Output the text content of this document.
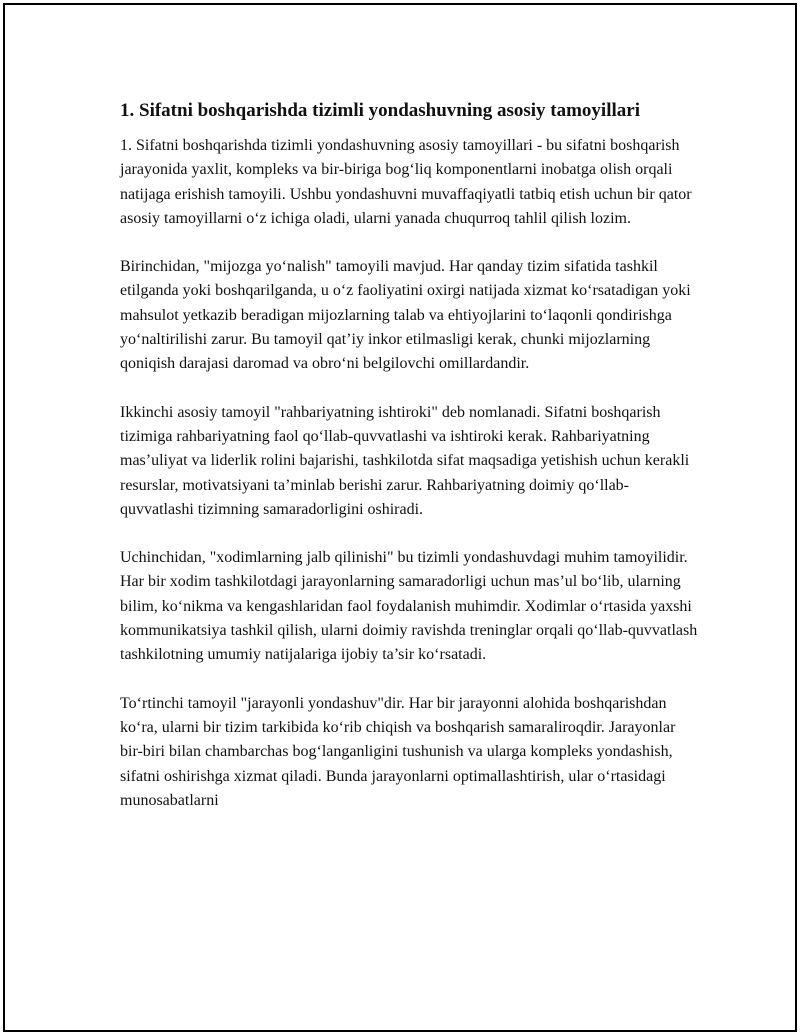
1. Sifatni boshqarishda tizimli yondashuvning asosiy tamoyillari

1. Sifatni boshqarishda tizimli yondashuvning asosiy tamoyillari - bu sifatni boshqarish jarayonida yaxlit, kompleks va bir-biriga bog‘liq komponentlarni inobatga olish orqali natijaga erishish tamoyili. Ushbu yondashuvni muvaffaqiyatli tatbiq etish uchun bir qator asosiy tamoyillarni o‘z ichiga oladi, ularni yanada chuqurroq tahlil qilish lozim.

Birinchidan, "mijozga yo‘nalish" tamoyili mavjud. Har qanday tizim sifatida tashkil etilganda yoki boshqarilganda, u o‘z faoliyatini oxirgi natijada xizmat ko‘rsatadigan yoki mahsulot yetkazib beradigan mijozlarning talab va ehtiyojlarini to‘laqonli qondirishga yo‘naltirilishi zarur. Bu tamoyil qat’iy inkor etilmasligi kerak, chunki mijozlarning qoniqish darajasi daromad va obro‘ni belgilovchi omillardandir.

Ikkinchi asosiy tamoyil "rahbariyatning ishtiroki" deb nomlanadi. Sifatni boshqarish tizimiga rahbariyatning faol qo‘llab-quvvatlashi va ishtiroki kerak. Rahbariyatning mas’uliyat va liderlik rolini bajarishi, tashkilotda sifat maqsadiga yetishish uchun kerakli resurslar, motivatsiyani ta’minlab berishi zarur. Rahbariyatning doimiy qo‘llab-quvvatlashi tizimning samaradorligini oshiradi.

Uchinchidan, "xodimlarning jalb qilinishi" bu tizimli yondashuvdagi muhim tamoyilidir. Har bir xodim tashkilotdagi jarayonlarning samaradorligi uchun mas’ul bo‘lib, ularning bilim, ko‘nikma va kengashlaridan faol foydalanish muhimdir. Xodimlar o‘rtasida yaxshi kommunikatsiya tashkil qilish, ularni doimiy ravishda treninglar orqali qo‘llab-quvvatlash tashkilotning umumiy natijalariga ijobiy ta’sir ko‘rsatadi.

To‘rtinchi tamoyil "jarayonli yondashuv"dir. Har bir jarayonni alohida boshqarishdan ko‘ra, ularni bir tizim tarkibida ko‘rib chiqish va boshqarish samaraliroqdir. Jarayonlar bir-biri bilan chambarchas bog‘langanligini tushunish va ularga kompleks yondashish, sifatni oshirishga xizmat qiladi. Bunda jarayonlarni optimallashtirish, ular o‘rtasidagi munosabatlarni
